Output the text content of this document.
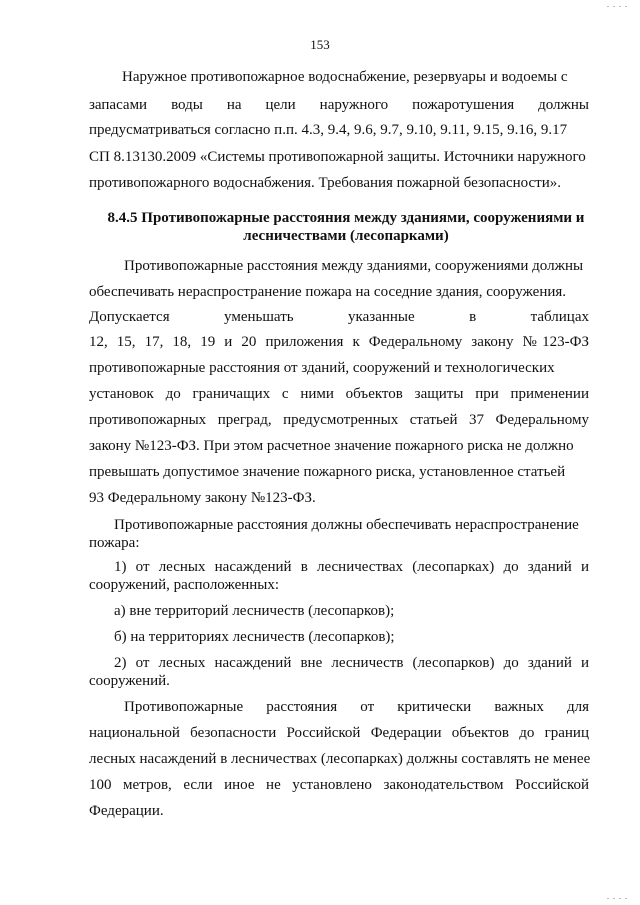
153
Наружное противопожарное водоснабжение, резервуары и водоемы с
запасами воды на цели наружного пожаротушения должны
предусматриваться согласно п.п. 4.3, 9.4, 9.6, 9.7, 9.10, 9.11, 9.15, 9.16, 9.17
СП 8.13130.2009 «Системы противопожарной защиты. Источники наружного
противопожарного водоснабжения. Требования пожарной безопасности».
8.4.5 Противопожарные расстояния между зданиями, сооружениями и
лесничествами (лесопарками)
Противопожарные расстояния между зданиями, сооружениями должны
обеспечивать нераспространение пожара на соседние здания, сооружения.
Допускается уменьшать указанные в таблицах
12, 15, 17, 18, 19 и 20 приложения к Федеральному закону №123-ФЗ
противопожарные расстояния от зданий, сооружений и технологических
установок до граничащих с ними объектов защиты при применении
противопожарных преград, предусмотренных статьей 37 Федеральному
закону №123-ФЗ. При этом расчетное значение пожарного риска не должно
превышать допустимое значение пожарного риска, установленное статьей
93 Федеральному закону №123-ФЗ.
Противопожарные расстояния должны обеспечивать нераспространение
пожара:
1) от лесных насаждений в лесничествах (лесопарках) до зданий и
сооружений, расположенных:
а) вне территорий лесничеств (лесопарков);
б) на территориях лесничеств (лесопарков);
2) от лесных насаждений вне лесничеств (лесопарков) до зданий и
сооружений.
Противопожарные расстояния от критически важных для
национальной безопасности Российской Федерации объектов до границ
лесных насаждений в лесничествах (лесопарках) должны составлять не менее
100 метров, если иное не установлено законодательством Российской
Федерации.
. . . .
. . . .
